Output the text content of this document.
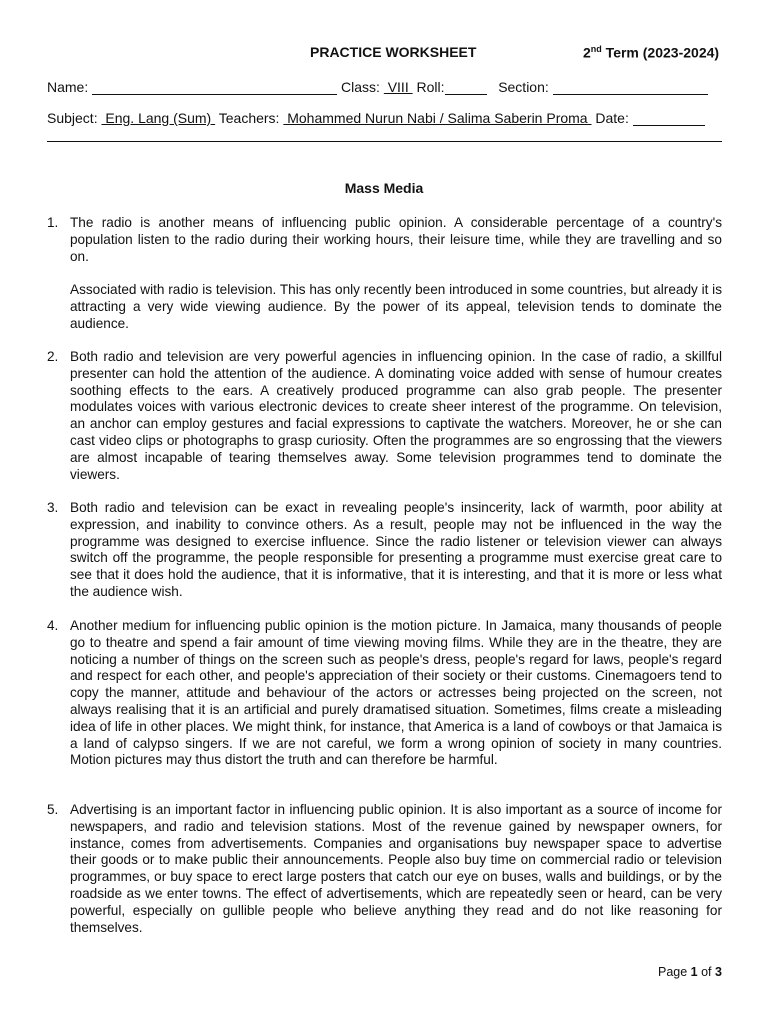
PRACTICE WORKSHEET	2nd Term (2023-2024)
Name:	Class:  VIII  Roll:	Section:
Subject:  Eng. Lang (Sum)  Teachers:  Mohammed Nurun Nabi / Salima Saberin Proma  Date:
Mass Media
1. The radio is another means of influencing public opinion. A considerable percentage of a country's population listen to the radio during their working hours, their leisure time, while they are travelling and so on.

Associated with radio is television. This has only recently been introduced in some countries, but already it is attracting a very wide viewing audience. By the power of its appeal, television tends to dominate the audience.

2. Both radio and television are very powerful agencies in influencing opinion. In the case of radio, a skillful presenter can hold the attention of the audience. A dominating voice added with sense of humour creates soothing effects to the ears. A creatively produced programme can also grab people. The presenter modulates voices with various electronic devices to create sheer interest of the programme. On television, an anchor can employ gestures and facial expressions to captivate the watchers. Moreover, he or she can cast video clips or photographs to grasp curiosity. Often the programmes are so engrossing that the viewers are almost incapable of tearing themselves away. Some television programmes tend to dominate the viewers.

3. Both radio and television can be exact in revealing people's insincerity, lack of warmth, poor ability at expression, and inability to convince others. As a result, people may not be influenced in the way the programme was designed to exercise influence. Since the radio listener or television viewer can always switch off the programme, the people responsible for presenting a programme must exercise great care to see that it does hold the audience, that it is informative, that it is interesting, and that it is more or less what the audience wish.

4. Another medium for influencing public opinion is the motion picture. In Jamaica, many thousands of people go to theatre and spend a fair amount of time viewing moving films. While they are in the theatre, they are noticing a number of things on the screen such as people's dress, people's regard for laws, people's regard and respect for each other, and people's appreciation of their society or their customs. Cinemagoers tend to copy the manner, attitude and behaviour of the actors or actresses being projected on the screen, not always realising that it is an artificial and purely dramatised situation. Sometimes, films create a misleading idea of life in other places. We might think, for instance, that America is a land of cowboys or that Jamaica is a land of calypso singers. If we are not careful, we form a wrong opinion of society in many countries. Motion pictures may thus distort the truth and can therefore be harmful.

5. Advertising is an important factor in influencing public opinion. It is also important as a source of income for newspapers, and radio and television stations. Most of the revenue gained by newspaper owners, for instance, comes from advertisements. Companies and organisations buy newspaper space to advertise their goods or to make public their announcements. People also buy time on commercial radio or television programmes, or buy space to erect large posters that catch our eye on buses, walls and buildings, or by the roadside as we enter towns. The effect of advertisements, which are repeatedly seen or heard, can be very powerful, especially on gullible people who believe anything they read and do not like reasoning for themselves.

Page 1 of 3
